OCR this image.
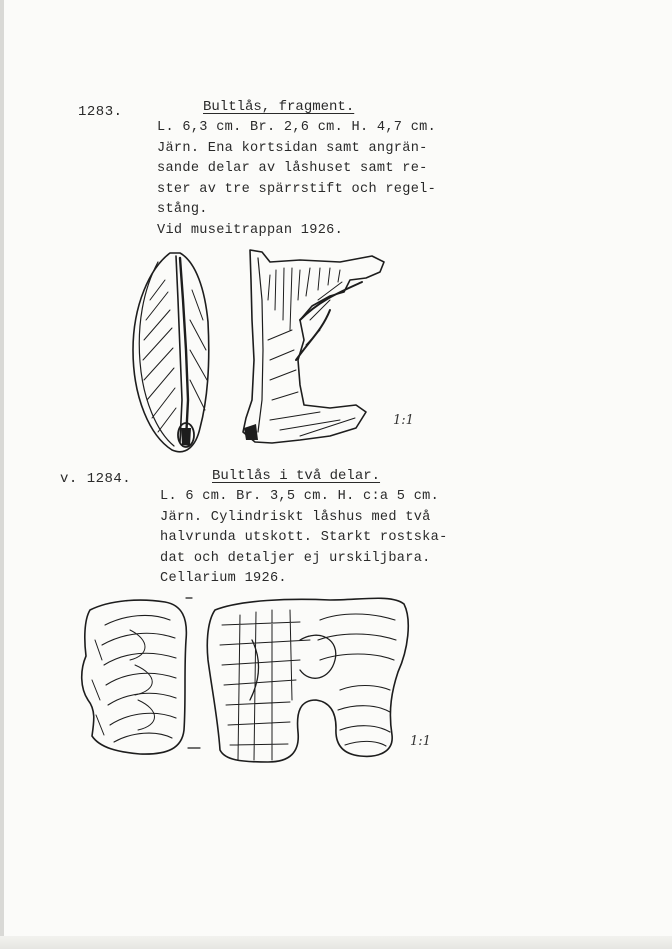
1283.	Bultlås, fragment.
L. 6,3 cm. Br. 2,6 cm. H. 4,7 cm.
Järn. Ena kortsidan samt angrän-
sande delar av låshuset samt re-
ster av tre spärrstift och regel-
stång.
Vid museitrappan 1926.
v. 1284.	Bultlås i två delar.
L. 6 cm. Br. 3,5 cm. H. c:a 5 cm.
Järn. Cylindriskt låshus med två
halvrunda utskott. Starkt rostska-
dat och detaljer ej urskiljbara.
Cellarium 1926.
1:1
1:1
